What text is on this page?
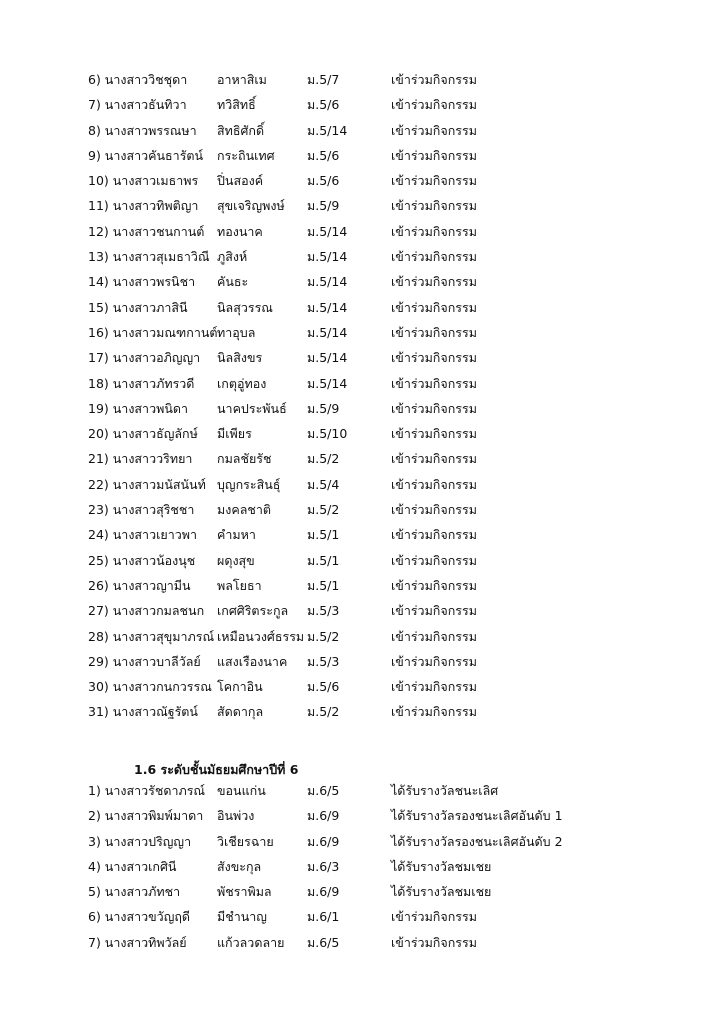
6) นางสาววิชชุดา อาหาสิเม	ม.5/7	เข้าร่วมกิจกรรม
7) นางสาวธันทิวา ทวิสิทธิ์	ม.5/6	เข้าร่วมกิจกรรม
8) นางสาวพรรณษา สิทธิศักดิ์	ม.5/14	เข้าร่วมกิจกรรม
9) นางสาวคันธารัตน์ กระถินเทศ	ม.5/6	เข้าร่วมกิจกรรม
10) นางสาวเมธาพร ปิ่นสองค์	ม.5/6	เข้าร่วมกิจกรรม
11) นางสาวทิพติญา สุขเจริญพงษ์ ม.5/9	เข้าร่วมกิจกรรม
12) นางสาวชนกานต์ ทองนาค	ม.5/14	เข้าร่วมกิจกรรม
13) นางสาวสุเมธาวิณี ภูสิงห์	ม.5/14	เข้าร่วมกิจกรรม
14) นางสาวพรนิชา คันธะ	ม.5/14	เข้าร่วมกิจกรรม
15) นางสาวภาสินี นิลสุวรรณ	ม.5/14	เข้าร่วมกิจกรรม
16) นางสาวมณฑกานต์ ทาอุบล	ม.5/14	เข้าร่วมกิจกรรม
17) นางสาวอภิญญา นิลสิงขร	ม.5/14	เข้าร่วมกิจกรรม
18) นางสาวภัทรวดี เกตุอู่ทอง	ม.5/14	เข้าร่วมกิจกรรม
19) นางสาวพนิดา นาคประพันธ์ ม.5/9	เข้าร่วมกิจกรรม
20) นางสาวธัญลักษ์ มีเพียร	ม.5/10	เข้าร่วมกิจกรรม
21) นางสาววริทยา กมลชัยรัช	ม.5/2	เข้าร่วมกิจกรรม
22) นางสาวมนัสนันท์ บุญกระสินธุ์ ม.5/4	เข้าร่วมกิจกรรม
23) นางสาวสุริชชา มงคลชาติ	ม.5/2	เข้าร่วมกิจกรรม
24) นางสาวเยาวพา คำมหา	ม.5/1	เข้าร่วมกิจกรรม
25) นางสาวน้องนุช ผดุงสุข	ม.5/1	เข้าร่วมกิจกรรม
26) นางสาวญามีน พลโยธา	ม.5/1	เข้าร่วมกิจกรรม
27) นางสาวกมลชนก เกศศิริตระกูล ม.5/3	เข้าร่วมกิจกรรม
28) นางสาวสุขุมาภรณ์ เหมือนวงศ์ธรรม ม.5/2	เข้าร่วมกิจกรรม
29) นางสาวบาลีวัลย์ แสงเรืองนาค ม.5/3	เข้าร่วมกิจกรรม
30) นางสาวกนกวรรณ โคกาอิน	ม.5/6	เข้าร่วมกิจกรรม
31) นางสาวณัฐรัตน์ สัดดากุล	ม.5/2	เข้าร่วมกิจกรรม
1.6 ระดับชั้นมัธยมศึกษาปีที่ 6
1) นางสาวรัชดาภรณ์ ขอนแก่น	ม.6/5	ได้รับรางวัลชนะเลิศ
2) นางสาวพิมพ์มาดา อินพ่วง	ม.6/9	ได้รับรางวัลรองชนะเลิศอันดับ 1
3) นางสาวปริญญา วิเชียรฉาย	ม.6/9	ได้รับรางวัลรองชนะเลิศอันดับ 2
4) นางสาวเกศินี	สังขะกุล	ม.6/3	ได้รับรางวัลชมเชย
5) นางสาวภัทชา	พัชราพิมล	ม.6/9	ได้รับรางวัลชมเชย
6) นางสาวขวัญฤดี มีชำนาญ	ม.6/1	เข้าร่วมกิจกรรม
7) นางสาวทิพวัลย์ แก้วลวดลาย ม.6/5	เข้าร่วมกิจกรรม
